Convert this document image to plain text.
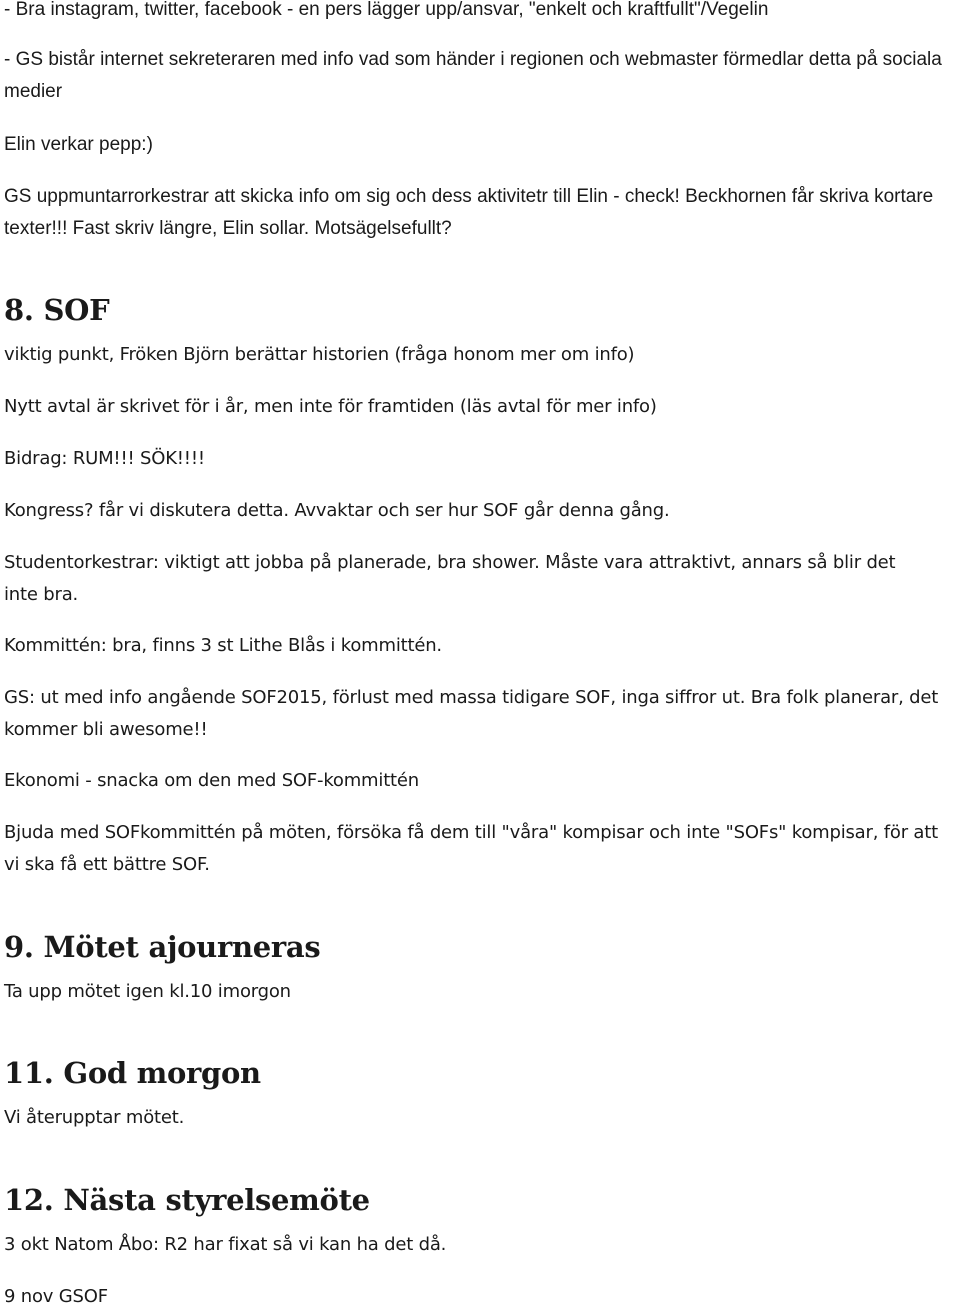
- Bra instagram, twitter, facebook - en pers lägger upp/ansvar, "enkelt och kraftfullt"/Vegelin

- GS bistår internet sekreteraren med info vad som händer i regionen och webmaster förmedlar detta på sociala medier

Elin verkar pepp:)

GS uppmuntarrorkestrar att skicka info om sig och dess aktivitetr till Elin - check! Beckhornen får skriva kortare texter!!! Fast skriv längre, Elin sollar. Motsägelsefullt?

8. SOF

viktig punkt, Fröken Björn berättar historien (fråga honom mer om info)

Nytt avtal är skrivet för i år, men inte för framtiden (läs avtal för mer info)

Bidrag: RUM!!! SÖK!!!!

Kongress? får vi diskutera detta. Avvaktar och ser hur SOF går denna gång.

Studentorkestrar: viktigt att jobba på planerade, bra shower. Måste vara attraktivt, annars så blir det inte bra.

Kommittén: bra, finns 3 st Lithe Blås i kommittén.

GS: ut med info angående SOF2015, förlust med massa tidigare SOF, inga siffror ut. Bra folk planerar, det kommer bli awesome!!

Ekonomi - snacka om den med SOF-kommittén

Bjuda med SOFkommittén på möten, försöka få dem till "våra" kompisar och inte "SOFs" kompisar, för att vi ska få ett bättre SOF.

9. Mötet ajourneras

Ta upp mötet igen kl.10 imorgon

11. God morgon

Vi återupptar mötet.

12. Nästa styrelsemöte

3 okt Natom Åbo: R2 har fixat så vi kan ha det då.

9 nov GSOF
